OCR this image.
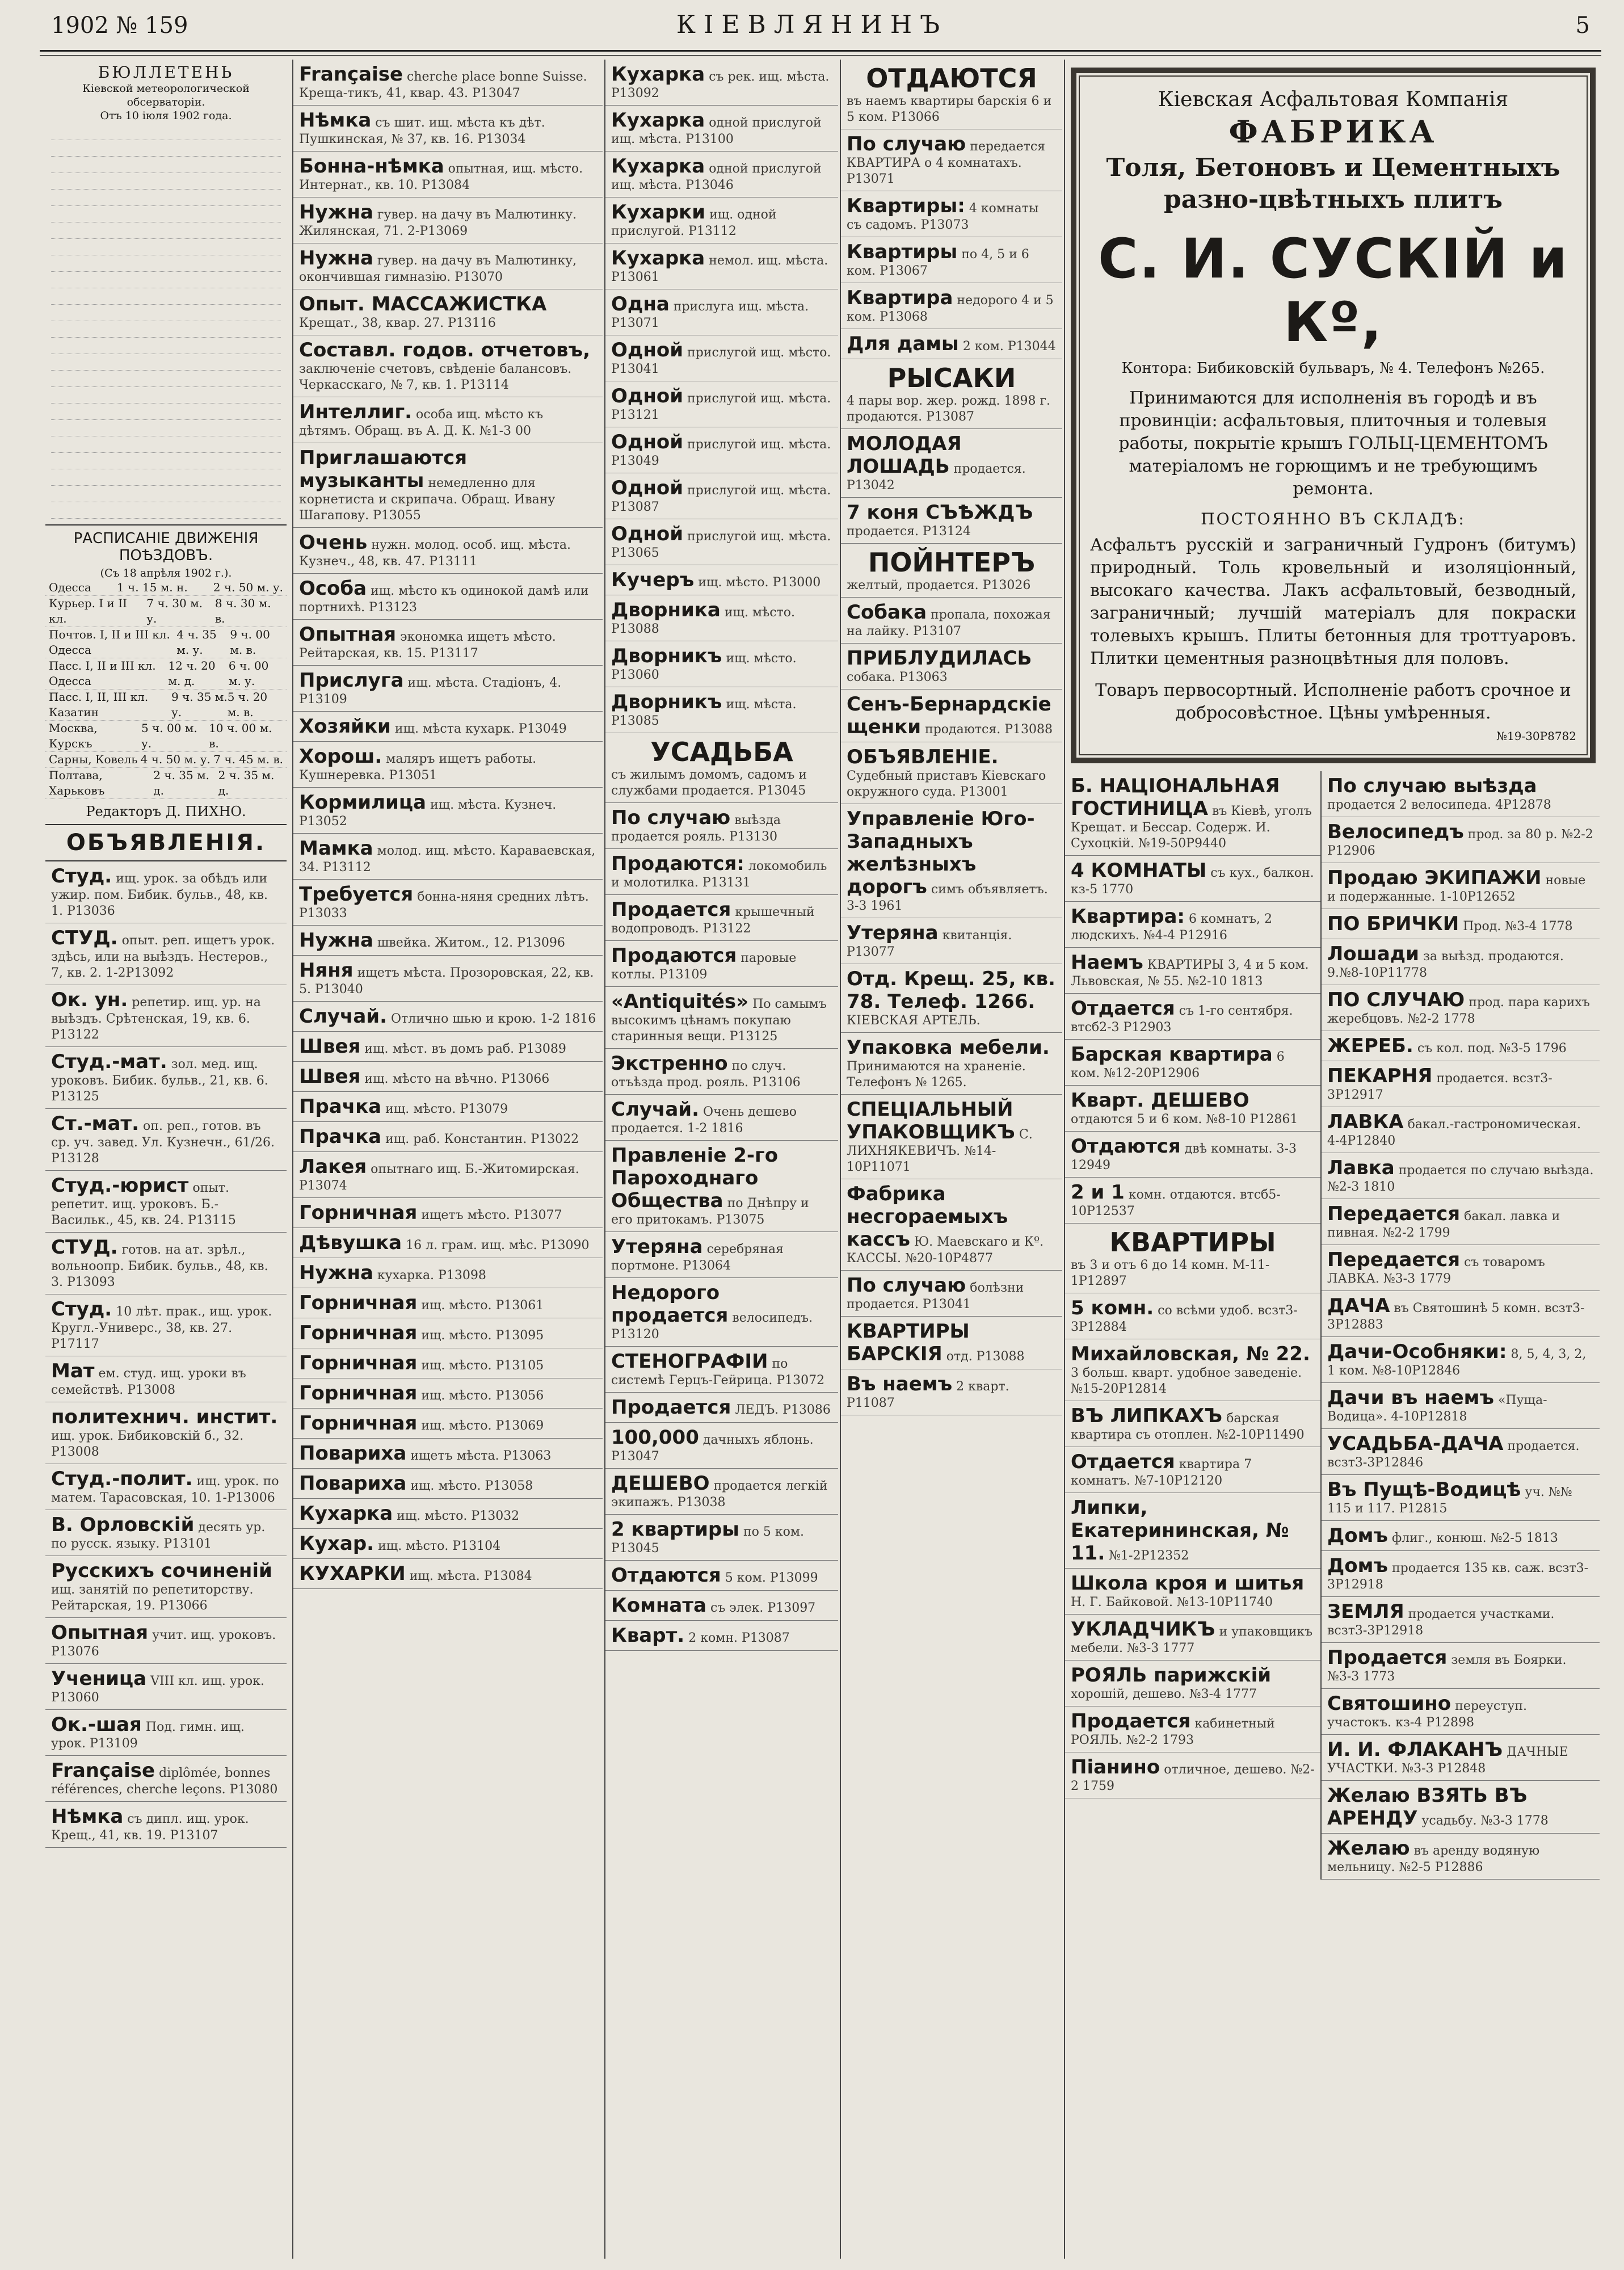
1902 № 159	КІЕВЛЯНИНЪ	5
БЮЛЛЕТЕНЬ
Кіевской метеорологической обсерваторіи.
Отъ 10 іюля 1902 года.
РАСПИСАНІЕ ДВИЖЕНІЯ ПОѢЗДОВЪ.
(Съ 18 апрѣля 1902 г.).
Одесса 1 ч. 15 м. н. 2 ч. 50 м. у.
Курьер. I и II кл.
7 ч. 30 м. у.
8 ч. 30 м. в.
Почтов. I, II и III кл. Одесса
4 ч. 35 м. у.
9 ч. 00 м. в.
Пасс. I, II и III кл. Одесса
12 ч. 20 м. д.
6 ч. 00 м. у.
Пасс. I, II, III кл. Казатин
9 ч. 35 м. у.
5 ч. 20 м. в.
Москва, Курскъ
5 ч. 00 м. у.
10 ч. 00 м. в.
Сарны, Ковель 4 ч. 50 м. у. 7 ч. 45 м. в.
Полтава, Харьковъ
2 ч. 35 м. д.
2 ч. 35 м. д.
Редакторъ Д. ПИХНО.
ОБЪЯВЛЕНІЯ.
Студ. ищ. урок. за обѣдъ или ужир. пом. Бибик. бульв., 48, кв. 1. Р13036
СТУД. опыт. реп. ищетъ урок. здѣсь, или на выѣздъ. Нестеров., 7, кв. 2. 1-2Р13092
Ок. ун. репетир. ищ. ур. на выѣздъ. Срѣтенская, 19, кв. 6. Р13122
Студ.-мат. зол. мед. ищ. уроковъ. Бибик. бульв., 21, кв. 6. Р13125
Ст.-мат. оп. реп., готов. въ ср. уч. завед. Ул. Кузнечн., 61/26. Р13128
Студ.-юрист опыт. репетит. ищ. уроковъ. Б.-Васильк., 45, кв. 24. Р13115
СТУД. готов. на ат. зрѣл., вольноопр. Бибик. бульв., 48, кв. 3. Р13093
Студ. 10 лѣт. прак., ищ. урок. Кругл.-Универс., 38, кв. 27. Р17117
Мат ем. студ. ищ. уроки въ семействѣ. Р13008
политехнич. инстит. ищ. урок. Бибиковскій б., 32. Р13008
Студ.-полит. ищ. урок. по матем. Тарасовская, 10. 1-Р13006
В. Орловскій десять ур. по русск. языку. Р13101
Русскихъ сочиненій ищ. занятій по репетиторству. Рейтарская, 19. Р13066
Опытная учит. ищ. уроковъ. Р13076
Ученица VIII кл. ищ. урок. Р13060
Ок.-шая Под. гимн. ищ. урок. Р13109
Française diplômée, bonnes références, cherche leçons. Р13080
Нѣмка съ дипл. ищ. урок. Крещ., 41, кв. 19. Р13107
Française cherche place bonne Suisse. Креща-тикъ, 41, квар. 43. Р13047
Нѣмка съ шит. ищ. мѣста къ дѣт. Пушкинская, № 37, кв. 16. Р13034
Бонна-нѣмка опытная, ищ. мѣсто. Интернат., кв. 10. Р13084
Нужна гувер. на дачу въ Малютинку. Жилянская, 71. 2-Р13069
Нужна гувер. на дачу въ Малютинку, окончившая гимназію. Р13070
Опыт. МАССАЖИСТКА Крещат., 38, квар. 27. Р13116
Составл. годов. отчетовъ, заключеніе счетовъ, свѣденіе балансовъ. Черкасскаго, № 7, кв. 1. Р13114
Интеллиг. особа ищ. мѣсто къ дѣтямъ. Обращ. въ А. Д. К. №1-3 00
Приглашаются музыканты немедленно для корнетиста и скрипача. Обращ. Ивану Шагапову. Р13055
Очень нужн. молод. особ. ищ. мѣста. Кузнеч., 48, кв. 47. Р13111
Особа ищ. мѣсто къ одинокой дамѣ или портнихѣ. Р13123
Опытная экономка ищетъ мѣсто. Рейтарская, кв. 15. Р13117
Прислуга ищ. мѣста. Стадіонъ, 4. Р13109
Хозяйки ищ. мѣста кухарк. Р13049
Хорош. маляръ ищетъ работы. Кушнеревка. Р13051
Кормилица ищ. мѣста. Кузнеч. Р13052
Мамка молод. ищ. мѣсто. Караваевская, 34. Р13112
Требуется бонна-няня средних лѣтъ. Р13033
Нужна швейка. Житом., 12. Р13096
Няня ищетъ мѣста. Прозоровская, 22, кв. 5. Р13040
Случай. Отлично шью и крою. 1-2 1816
Швея ищ. мѣст. въ домъ раб. Р13089
Швея ищ. мѣсто на вѣчно. Р13066
Прачка ищ. мѣсто. Р13079
Прачка ищ. раб. Константин. Р13022
Лакея опытнаго ищ. Б.-Житомирская. Р13074
Горничная ищетъ мѣсто. Р13077
Дѣвушка 16 л. грам. ищ. мѣс. Р13090
Нужна кухарка. Р13098
Горничная ищ. мѣсто. Р13061
Горничная ищ. мѣсто. Р13095
Горничная ищ. мѣсто. Р13105
Горничная ищ. мѣсто. Р13056
Горничная ищ. мѣсто. Р13069
Повариха ищетъ мѣста. Р13063
Повариха ищ. мѣсто. Р13058
Кухарка ищ. мѣсто. Р13032
Кухар. ищ. мѣсто. Р13104
КУХАРКИ ищ. мѣста. Р13084
Кухарка съ рек. ищ. мѣста. Р13092
Кухарка одной прислугой ищ. мѣста. Р13100
Кухарка одной прислугой ищ. мѣста. Р13046
Кухарки ищ. одной прислугой. Р13112
Кухарка немол. ищ. мѣста. Р13061
Одна прислуга ищ. мѣста. Р13071
Одной прислугой ищ. мѣсто. Р13041
Одной прислугой ищ. мѣста. Р13121
Одной прислугой ищ. мѣста. Р13049
Одной прислугой ищ. мѣста. Р13087
Одной прислугой ищ. мѣста. Р13065
Кучеръ ищ. мѣсто. Р13000
Дворника ищ. мѣсто. Р13088
Дворникъ ищ. мѣсто. Р13060
Дворникъ ищ. мѣста. Р13085
УСАДЬБА
съ жилымъ домомъ, садомъ и службами продается. Р13045
По случаю выѣзда продается рояль. Р13130
Продаются: локомобиль и молотилка. Р13131
Продается крышечный водопроводъ. Р13122
Продаются паровые котлы. Р13109
«Antiquités» По самымъ высокимъ цѣнамъ покупаю старинныя вещи. Р13125
Экстренно по случ. отъѣзда прод. рояль. Р13106
Случай. Очень дешево продается. 1-2 1816
Правленіе 2-го Пароходнаго Общества по Днѣпру и его притокамъ. Р13075
Утеряна серебряная портмоне. Р13064
Недорого продается велосипедъ. Р13120
СТЕНОГРАФІИ по системѣ Герцъ-Гейрица. Р13072
Продается ЛЕДЪ. Р13086
100,000 дачныхъ яблонь. Р13047
ДЕШЕВО продается легкій экипажъ. Р13038
2 квартиры по 5 ком. Р13045
Отдаются 5 ком. Р13099
Комната съ элек. Р13097
Кварт. 2 комн. Р13087
ОТДАЮТСЯ
въ наемъ квартиры барскія 6 и 5 ком. Р13066
По случаю передается КВАРТИРА о 4 комнатахъ. Р13071
Квартиры: 4 комнаты съ садомъ. Р13073
Квартиры по 4, 5 и 6 ком. Р13067
Квартира недорого 4 и 5 ком. Р13068
Для дамы 2 ком. Р13044
РЫСАКИ
4 пары вор. жер. рожд. 1898 г. продаются. Р13087
МОЛОДАЯ ЛОШАДЬ продается. Р13042
7 коня СЪѢЖДЪ продается. Р13124
ПОЙНТЕРЪ
желтый, продается. Р13026
Собака пропала, похожая на лайку. Р13107
ПРИБЛУДИЛАСЬ собака. Р13063
Сенъ-Бернардскіе щенки продаются. Р13088
ОБЪЯВЛЕНІЕ. Судебный приставъ Кіевскаго окружного суда. Р13001
Управленіе Юго-Западныхъ желѣзныхъ дорогъ симъ объявляетъ. 3-3 1961
Утеряна квитанція. Р13077
Отд. Крещ. 25, кв. 78. Телеф. 1266. КІЕВСКАЯ АРТЕЛЬ.
Упаковка мебели. Принимаются на храненіе. Телефонъ № 1265.
СПЕЦІАЛЬНЫЙ УПАКОВЩИКЪ С. ЛИХНЯКЕВИЧЪ. №14-10Р11071
Фабрика несгораемыхъ кассъ Ю. Маевскаго и Кº. КАССЫ. №20-10Р4877
По случаю болѣзни продается. Р13041
КВАРТИРЫ БАРСКІЯ отд. Р13088
Въ наемъ 2 кварт. Р11087
Кіевская Асфальтовая Компанія
ФАБРИКА
Толя, Бетоновъ и Цементныхъ разно-цвѣтныхъ плитъ
С. И. СУСКІЙ и Кº,
Контора: Бибиковскій бульваръ, № 4. Телефонъ №265.
Принимаются для исполненія въ городѣ и въ провинціи: асфальтовыя, плиточныя и толевыя работы, покрытіе крышъ ГОЛЬЦ-ЦЕМЕНТОМЪ матеріаломъ не горющимъ и не требующимъ ремонта.
ПОСТОЯННО ВЪ СКЛАДѢ:
Асфальтъ русскій и заграничный Гудронъ (битумъ) природный. Толь кровельный и изоляціонный, высокаго качества. Лакъ асфальтовый, безводный, заграничный; лучшій матеріалъ для покраски толевыхъ крышъ. Плиты бетонныя для троттуаровъ. Плитки цементныя разноцвѣтныя для половъ.
Товаръ первосортный. Исполненіе работъ срочное и добросовѣстное. Цѣны умѣренныя.
№19-30Р8782
Б. НАЦІОНАЛЬНАЯ ГОСТИНИЦА въ Кіевѣ, уголъ Крещат. и Бессар. Содерж. И. Сухоцкій. №19-50Р9440
4 КОМНАТЫ съ кух., балкон. кз-5 1770
Квартира: 6 комнатъ, 2 людскихъ. №4-4 Р12916
Наемъ КВАРТИРЫ 3, 4 и 5 ком. Львовская, № 55. №2-10 1813
Отдается съ 1-го сентября. втсб2-3 Р12903
Барская квартира 6 ком. №12-20Р12906
Кварт. ДЕШЕВО отдаются 5 и 6 ком. №8-10 Р12861
Отдаются двѣ комнаты. 3-3 12949
2 и 1 комн. отдаются. втсб5-10Р12537
КВАРТИРЫ
въ 3 и отъ 6 до 14 комн. М-11-1Р12897
5 комн. со всѣми удоб. всзт3-3Р12884
Михайловская, № 22. 3 больш. кварт. удобное заведеніе. №15-20Р12814
ВЪ ЛИПКАХЪ барская квартира съ отоплен. №2-10Р11490
Отдается квартира 7 комнатъ. №7-10Р12120
Липки, Екатерининская, № 11. №1-2Р12352
Школа кроя и шитья Н. Г. Байковой. №13-10Р11740
УКЛАДЧИКЪ и упаковщикъ мебели. №3-3 1777
РОЯЛЬ парижскій хорошій, дешево. №3-4 1777
Продается кабинетный РОЯЛЬ. №2-2 1793
Піанино отличное, дешево. №2-2 1759
По случаю выѣзда продается 2 велосипеда. 4Р12878
Велосипедъ прод. за 80 р. №2-2 Р12906
Продаю ЭКИПАЖИ новые и подержанные. 1-10Р12652
ПО БРИЧКИ Прод. №3-4 1778
Лошади за выѣзд. продаются. 9.№8-10Р11778
ПО СЛУЧАЮ прод. пара карихъ жеребцовъ. №2-2 1778
ЖЕРЕБ. съ кол. под. №3-5 1796
ПЕКАРНЯ продается. всзт3-3Р12917
ЛАВКА бакал.-гастрономическая. 4-4Р12840
Лавка продается по случаю выѣзда. №2-3 1810
Передается бакал. лавка и пивная. №2-2 1799
Передается съ товаромъ ЛАВКА. №3-3 1779
ДАЧА въ Святошинѣ 5 комн. всзт3-3Р12883
Дачи-Особняки: 8, 5, 4, 3, 2, 1 ком. №8-10Р12846
Дачи въ наемъ «Пуща-Водица». 4-10Р12818
УСАДЬБА-ДАЧА продается. всзт3-3Р12846
Въ Пущѣ-Водицѣ уч. №№ 115 и 117. Р12815
Домъ флиг., конюш. №2-5 1813
Домъ продается 135 кв. саж. всзт3-3Р12918
ЗЕМЛЯ продается участками. всзт3-3Р12918
Продается земля въ Боярки. №3-3 1773
Святошино переуступ. участокъ. кз-4 Р12898
И. И. ФЛАКАНЪ ДАЧНЫЕ УЧАСТКИ. №3-3 Р12848
Желаю ВЗЯТЬ ВЪ АРЕНДУ усадьбу. №3-3 1778
Желаю въ аренду водяную мельницу. №2-5 Р12886
